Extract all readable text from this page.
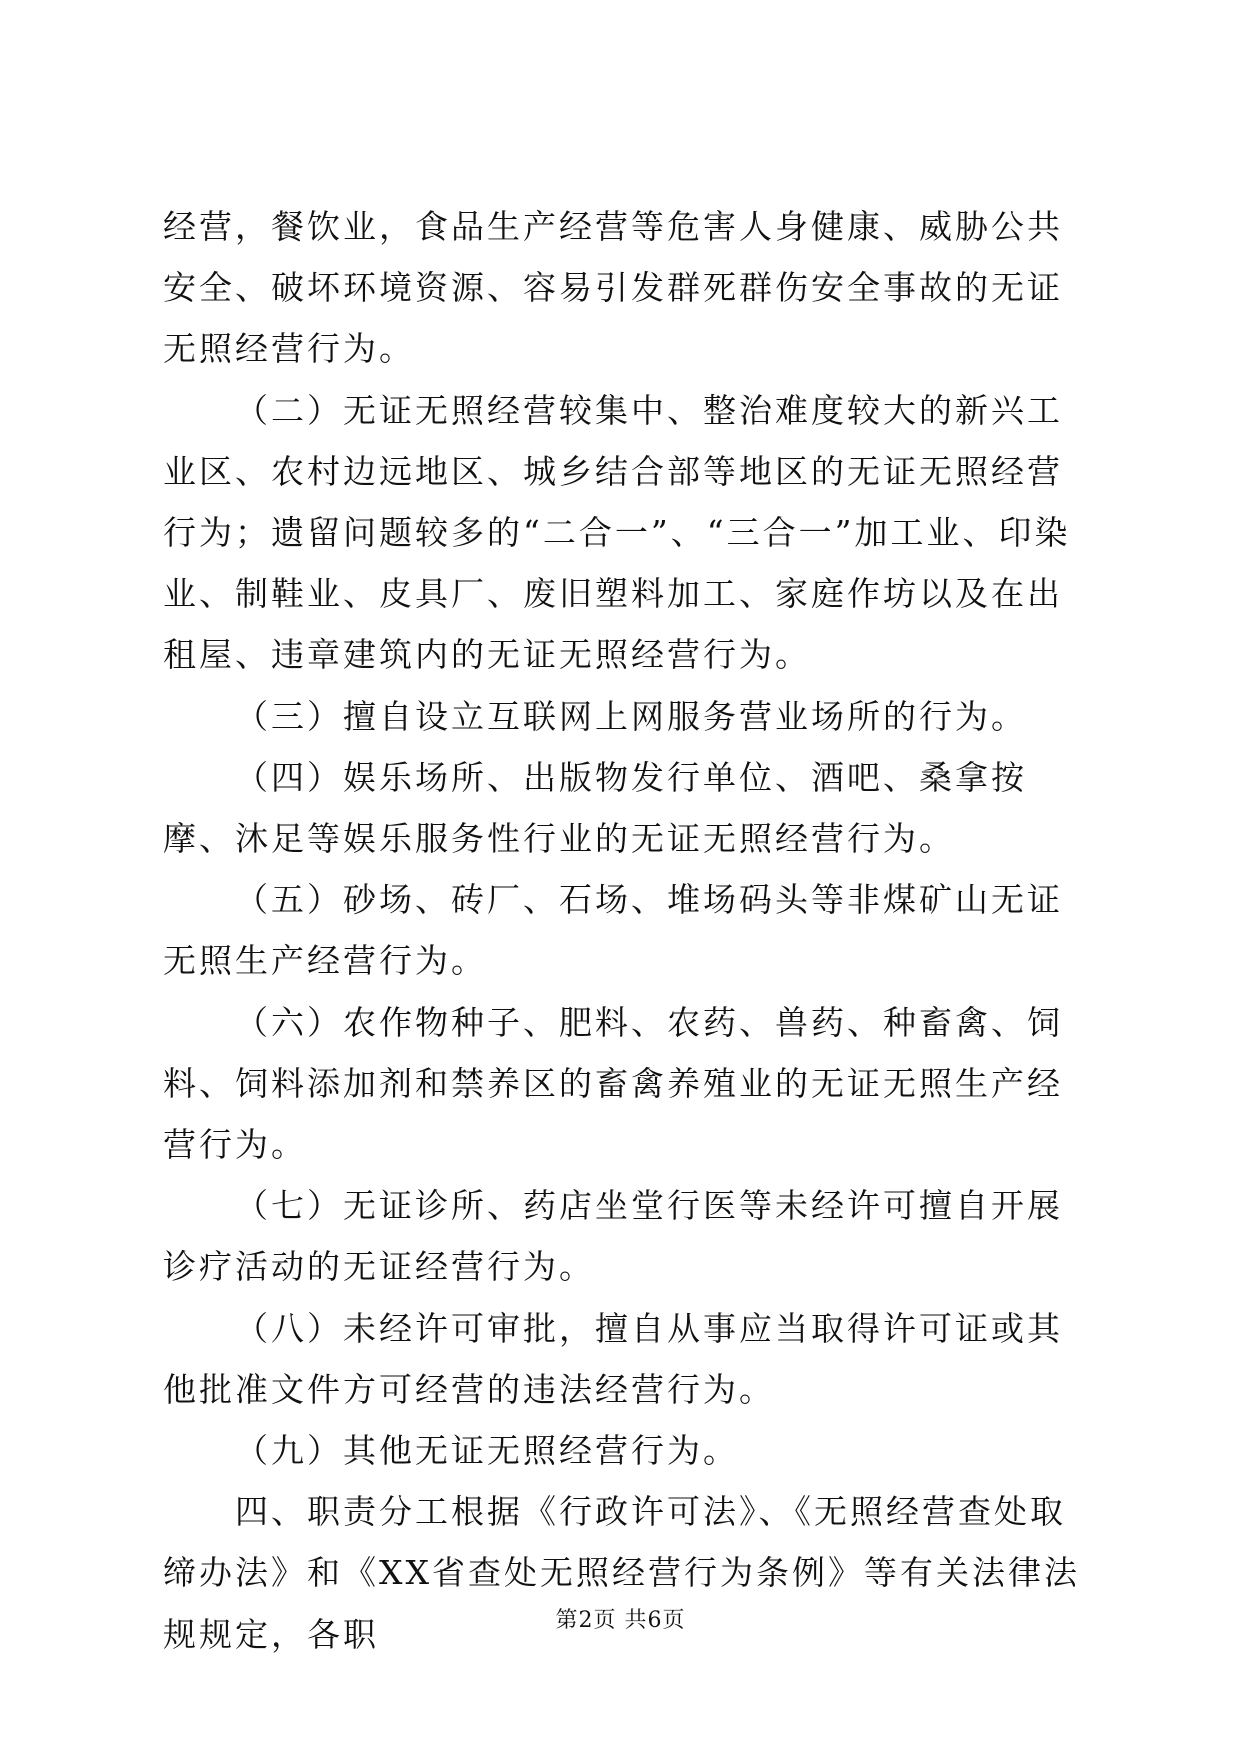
经营，餐饮业，食品生产经营等危害人身健康、威胁公共安全、破坏环境资源、容易引发群死群伤安全事故的无证无照经营行为。

（二）无证无照经营较集中、整治难度较大的新兴工业区、农村边远地区、城乡结合部等地区的无证无照经营行为；遗留问题较多的“二合一”、“三合一”加工业、印染业、制鞋业、皮具厂、废旧塑料加工、家庭作坊以及在出租屋、违章建筑内的无证无照经营行为。

（三）擅自设立互联网上网服务营业场所的行为。

（四）娱乐场所、出版物发行单位、酒吧、桑拿按摩、沐足等娱乐服务性行业的无证无照经营行为。

（五）砂场、砖厂、石场、堆场码头等非煤矿山无证无照生产经营行为。

（六）农作物种子、肥料、农药、兽药、种畜禽、饲料、饲料添加剂和禁养区的畜禽养殖业的无证无照生产经营行为。

（七）无证诊所、药店坐堂行医等未经许可擅自开展诊疗活动的无证经营行为。

（八）未经许可审批，擅自从事应当取得许可证或其他批准文件方可经营的违法经营行为。

（九）其他无证无照经营行为。

四、职责分工根据《行政许可法》、《无照经营查处取缔办法》和《XX省查处无照经营行为条例》等有关法律法规规定，各职	第2页 共6页
